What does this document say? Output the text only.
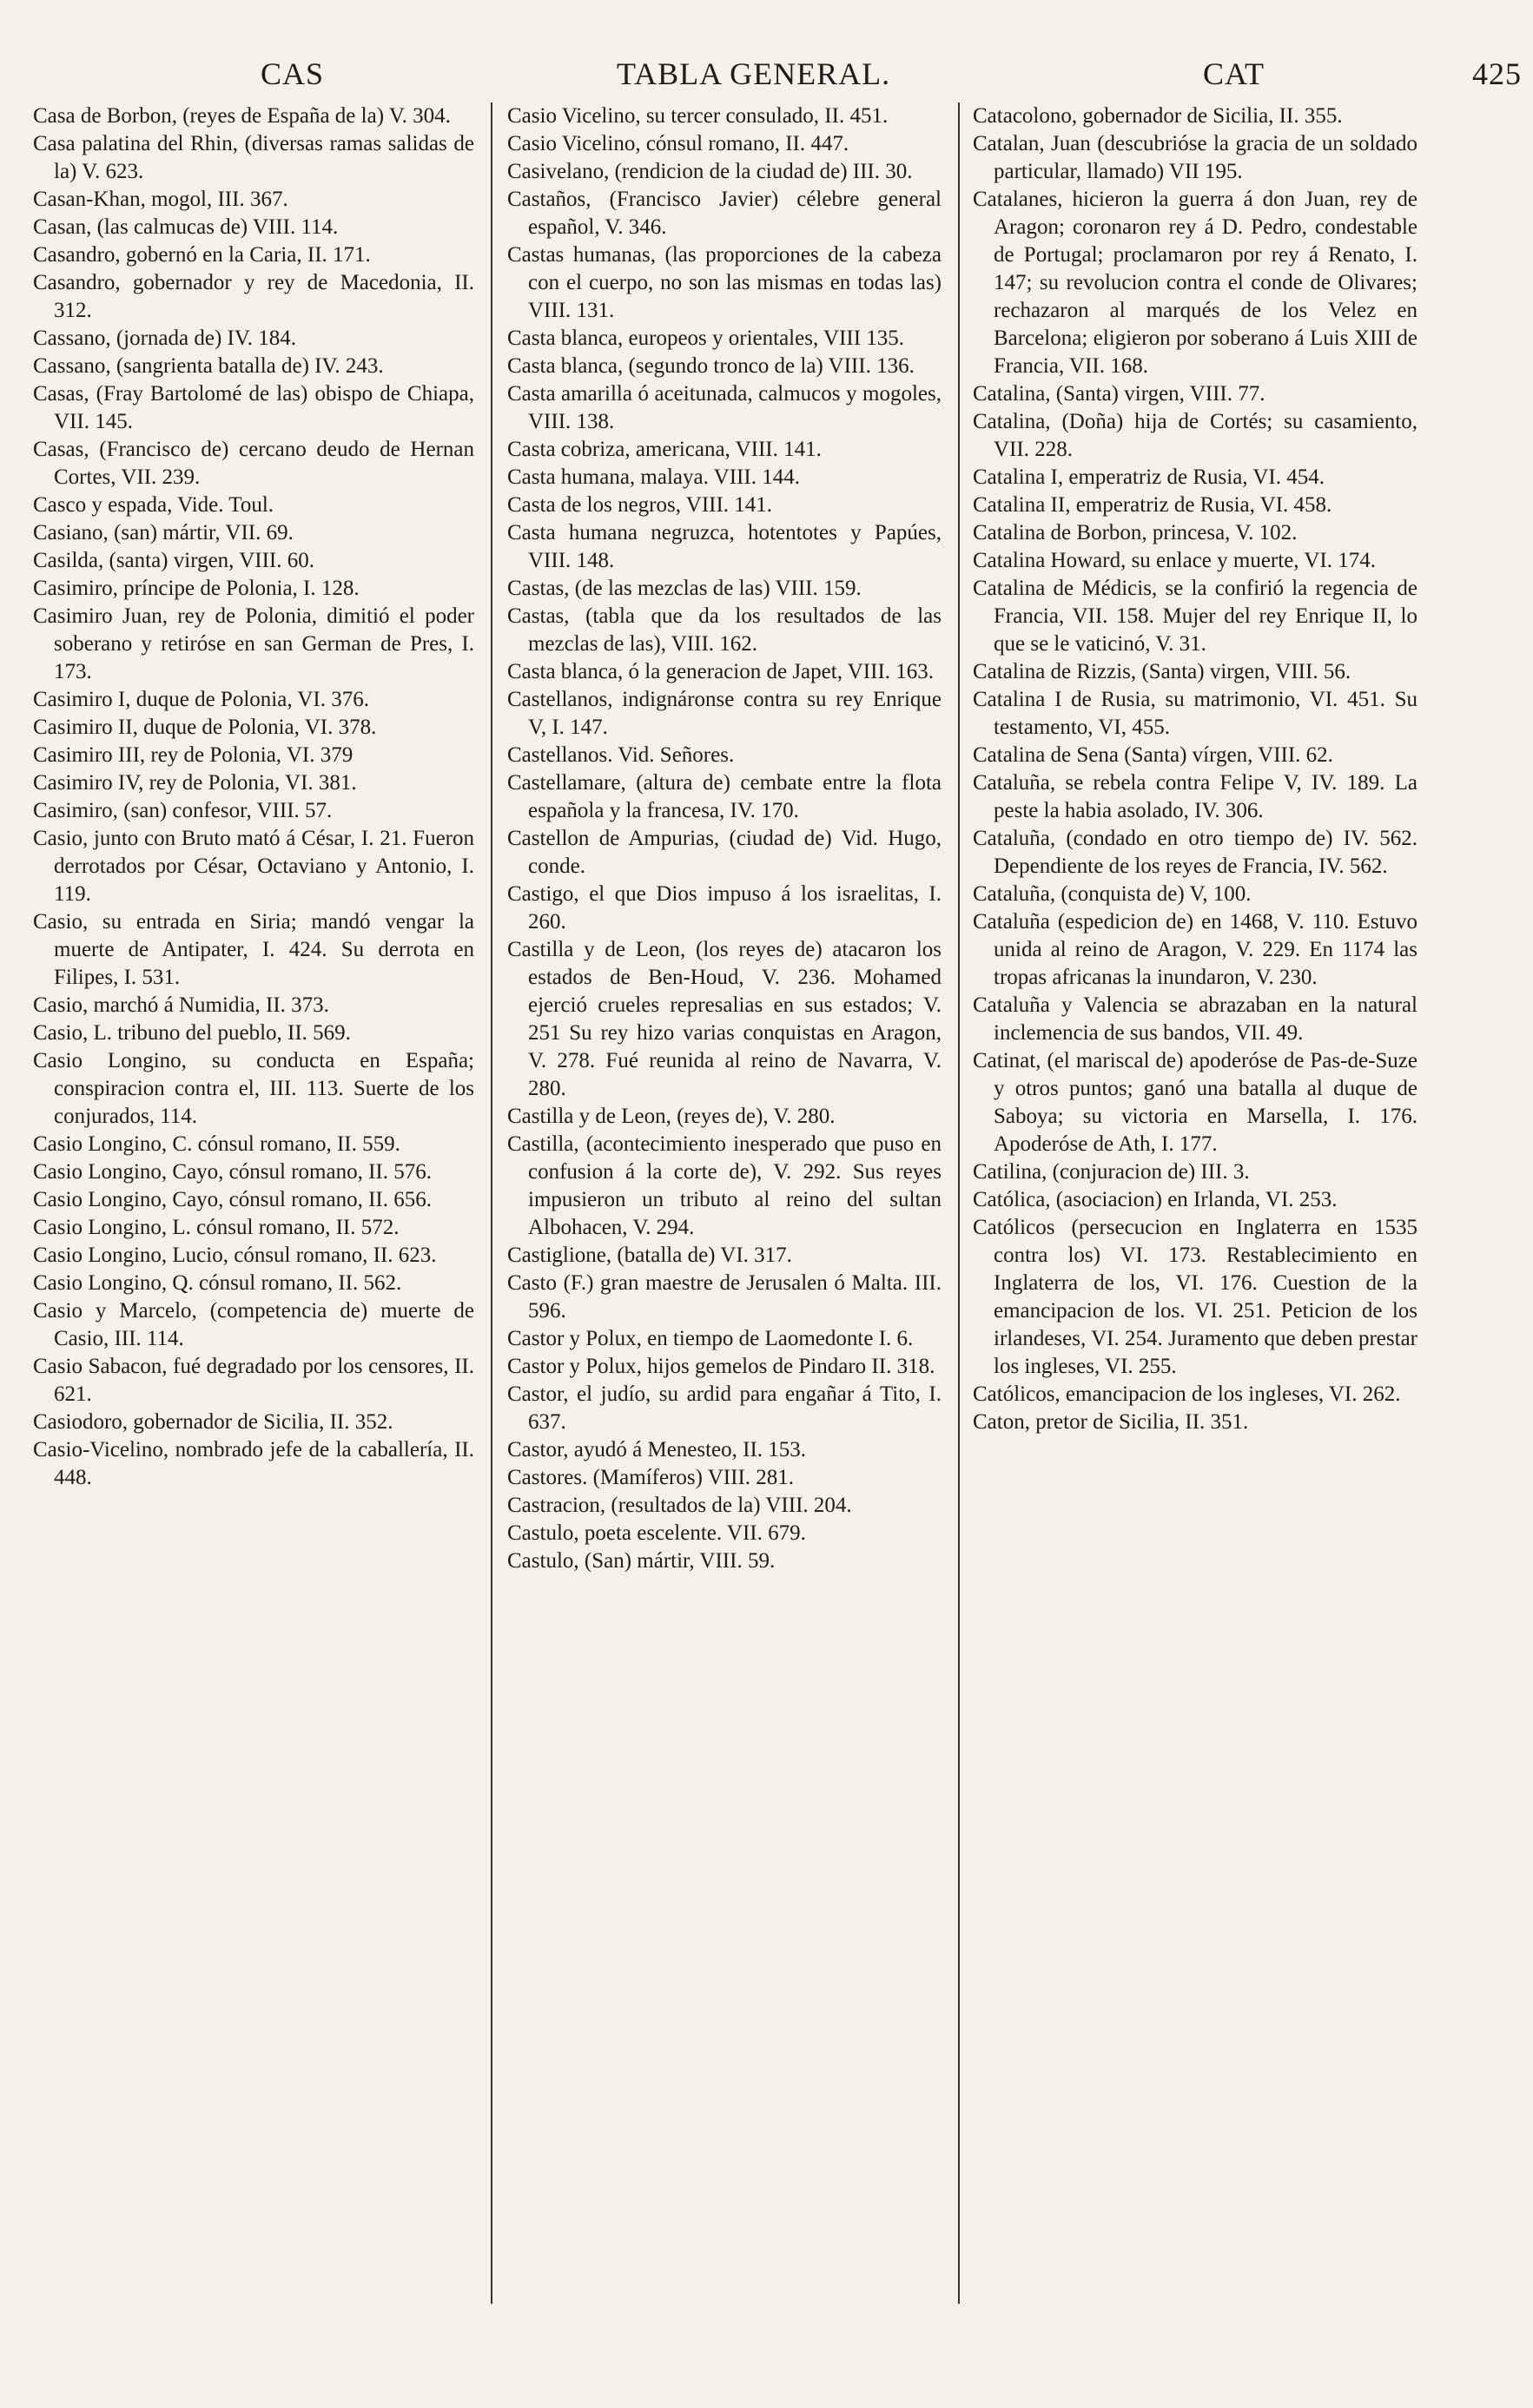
CAS	TABLA GENERAL.	CAT	425

Casa de Borbon, (reyes de España de la) V. 304.

Casa palatina del Rhin, (diversas ramas salidas de la) V. 623.

Casan-Khan, mogol, III. 367.

Casan, (las calmucas de) VIII. 114.

Casandro, gobernó en la Caria, II. 171.

Casandro, gobernador y rey de Macedonia, II. 312.

Cassano, (jornada de) IV. 184.

Cassano, (sangrienta batalla de) IV. 243.

Casas, (Fray Bartolomé de las) obispo de Chiapa, VII. 145.

Casas, (Francisco de) cercano deudo de Hernan Cortes, VII. 239.

Casco y espada, Vide. Toul.

Casiano, (san) mártir, VII. 69.

Casilda, (santa) virgen, VIII. 60.

Casimiro, príncipe de Polonia, I. 128.

Casimiro Juan, rey de Polonia, dimitió el poder soberano y retiróse en san German de Pres, I. 173.

Casimiro I, duque de Polonia, VI. 376.

Casimiro II, duque de Polonia, VI. 378.

Casimiro III, rey de Polonia, VI. 379

Casimiro IV, rey de Polonia, VI. 381.

Casimiro, (san) confesor, VIII. 57.

Casio, junto con Bruto mató á César, I. 21. Fueron derrotados por César, Octaviano y Antonio, I. 119.

Casio, su entrada en Siria; mandó vengar la muerte de Antipater, I. 424. Su derrota en Filipes, I. 531.

Casio, marchó á Numidia, II. 373.

Casio, L. tribuno del pueblo, II. 569.

Casio Longino, su conducta en España; conspiracion contra el, III. 113. Suerte de los conjurados, 114.

Casio Longino, C. cónsul romano, II. 559.

Casio Longino, Cayo, cónsul romano, II. 576.

Casio Longino, Cayo, cónsul romano, II. 656.

Casio Longino, L. cónsul romano, II. 572.

Casio Longino, Lucio, cónsul romano, II. 623.

Casio Longino, Q. cónsul romano, II. 562.

Casio y Marcelo, (competencia de) muerte de Casio, III. 114.

Casio Sabacon, fué degradado por los censores, II. 621.

Casiodoro, gobernador de Sicilia, II. 352.

Casio-Vicelino, nombrado jefe de la caballería, II. 448.

Casio Vicelino, su tercer consulado, II. 451.

Casio Vicelino, cónsul romano, II. 447.

Casivelano, (rendicion de la ciudad de) III. 30.

Castaños, (Francisco Javier) célebre general español, V. 346.

Castas humanas, (las proporciones de la cabeza con el cuerpo, no son las mismas en todas las) VIII. 131.

Casta blanca, europeos y orientales, VIII 135.

Casta blanca, (segundo tronco de la) VIII. 136.

Casta amarilla ó aceitunada, calmucos y mogoles, VIII. 138.

Casta cobriza, americana, VIII. 141.

Casta humana, malaya. VIII. 144.

Casta de los negros, VIII. 141.

Casta humana negruzca, hotentotes y Papúes, VIII. 148.

Castas, (de las mezclas de las) VIII. 159.

Castas, (tabla que da los resultados de las mezclas de las), VIII. 162.

Casta blanca, ó la generacion de Japet, VIII. 163.

Castellanos, indignáronse contra su rey Enrique V, I. 147.

Castellanos. Vid. Señores.

Castellamare, (altura de) cembate entre la flota española y la francesa, IV. 170.

Castellon de Ampurias, (ciudad de) Vid. Hugo, conde.

Castigo, el que Dios impuso á los israelitas, I. 260.

Castilla y de Leon, (los reyes de) atacaron los estados de Ben-Houd, V. 236. Mohamed ejerció crueles represalias en sus estados; V. 251 Su rey hizo varias conquistas en Aragon, V. 278. Fué reunida al reino de Navarra, V. 280.

Castilla y de Leon, (reyes de), V. 280.

Castilla, (acontecimiento inesperado que puso en confusion á la corte de), V. 292. Sus reyes impusieron un tributo al reino del sultan Albohacen, V. 294.

Castiglione, (batalla de) VI. 317.

Casto (F.) gran maestre de Jerusalen ó Malta. III. 596.

Castor y Polux, en tiempo de Laomedonte I. 6.

Castor y Polux, hijos gemelos de Pindaro II. 318.

Castor, el judío, su ardid para engañar á Tito, I. 637.

Castor, ayudó á Menesteo, II. 153.

Castores. (Mamíferos) VIII. 281.

Castracion, (resultados de la) VIII. 204.

Castulo, poeta escelente. VII. 679.

Castulo, (San) mártir, VIII. 59.

Catacolono, gobernador de Sicilia, II. 355.

Catalan, Juan (descubrióse la gracia de un soldado particular, llamado) VII 195.

Catalanes, hicieron la guerra á don Juan, rey de Aragon; coronaron rey á D. Pedro, condestable de Portugal; proclamaron por rey á Renato, I. 147; su revolucion contra el conde de Olivares; rechazaron al marqués de los Velez en Barcelona; eligieron por soberano á Luis XIII de Francia, VII. 168.

Catalina, (Santa) virgen, VIII. 77.

Catalina, (Doña) hija de Cortés; su casamiento, VII. 228.

Catalina I, emperatriz de Rusia, VI. 454.

Catalina II, emperatriz de Rusia, VI. 458.

Catalina de Borbon, princesa, V. 102.

Catalina Howard, su enlace y muerte, VI. 174.

Catalina de Médicis, se la confirió la regencia de Francia, VII. 158. Mujer del rey Enrique II, lo que se le vaticinó, V. 31.

Catalina de Rizzis, (Santa) virgen, VIII. 56.

Catalina I de Rusia, su matrimonio, VI. 451. Su testamento, VI, 455.

Catalina de Sena (Santa) vírgen, VIII. 62.

Cataluña, se rebela contra Felipe V, IV. 189. La peste la habia asolado, IV. 306.

Cataluña, (condado en otro tiempo de) IV. 562. Dependiente de los reyes de Francia, IV. 562.

Cataluña, (conquista de) V, 100.

Cataluña (espedicion de) en 1468, V. 110. Estuvo unida al reino de Aragon, V. 229. En 1174 las tropas africanas la inundaron, V. 230.

Cataluña y Valencia se abrazaban en la natural inclemencia de sus bandos, VII. 49.

Catinat, (el mariscal de) apoderóse de Pas-de-Suze y otros puntos; ganó una batalla al duque de Saboya; su victoria en Marsella, I. 176. Apoderóse de Ath, I. 177.

Catilina, (conjuracion de) III. 3.

Católica, (asociacion) en Irlanda, VI. 253.

Católicos (persecucion en Inglaterra en 1535 contra los) VI. 173. Restablecimiento en Inglaterra de los, VI. 176. Cuestion de la emancipacion de los. VI. 251. Peticion de los irlandeses, VI. 254. Juramento que deben prestar los ingleses, VI. 255.

Católicos, emancipacion de los ingleses, VI. 262.

Caton, pretor de Sicilia, II. 351.
